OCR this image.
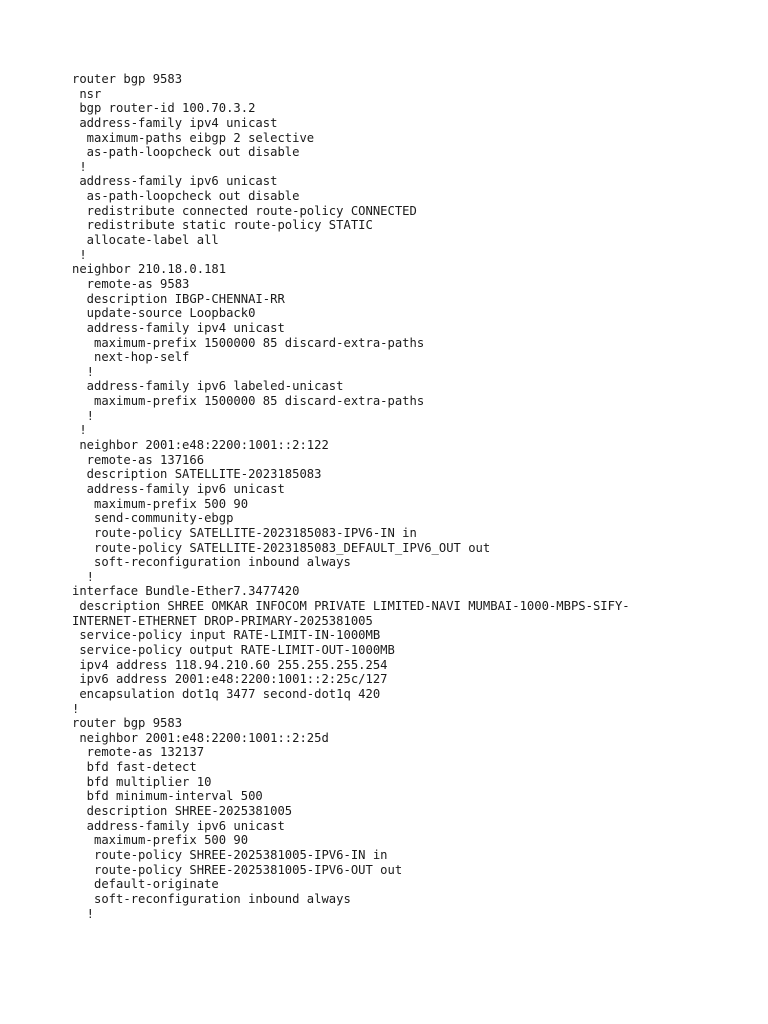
router bgp 9583
nsr
bgp router-id 100.70.3.2
address-family ipv4 unicast
maximum-paths eibgp 2 selective
as-path-loopcheck out disable
!
address-family ipv6 unicast
as-path-loopcheck out disable
redistribute connected route-policy CONNECTED
redistribute static route-policy STATIC
allocate-label all
!
neighbor 210.18.0.181
remote-as 9583
description IBGP-CHENNAI-RR
update-source Loopback0
address-family ipv4 unicast
maximum-prefix 1500000 85 discard-extra-paths
next-hop-self
!
address-family ipv6 labeled-unicast
maximum-prefix 1500000 85 discard-extra-paths
!
!
neighbor 2001:e48:2200:1001::2:122
remote-as 137166
description SATELLITE-2023185083
address-family ipv6 unicast
maximum-prefix 500 90
send-community-ebgp
route-policy SATELLITE-2023185083-IPV6-IN in
route-policy SATELLITE-2023185083_DEFAULT_IPV6_OUT out
soft-reconfiguration inbound always
!
interface Bundle-Ether7.3477420
description SHREE OMKAR INFOCOM PRIVATE LIMITED-NAVI MUMBAI-1000-MBPS-SIFY-
INTERNET-ETHERNET DROP-PRIMARY-2025381005
service-policy input RATE-LIMIT-IN-1000MB
service-policy output RATE-LIMIT-OUT-1000MB
ipv4 address 118.94.210.60 255.255.255.254
ipv6 address 2001:e48:2200:1001::2:25c/127
encapsulation dot1q 3477 second-dot1q 420
!
router bgp 9583
neighbor 2001:e48:2200:1001::2:25d
remote-as 132137
bfd fast-detect
bfd multiplier 10
bfd minimum-interval 500
description SHREE-2025381005
address-family ipv6 unicast
maximum-prefix 500 90
route-policy SHREE-2025381005-IPV6-IN in
route-policy SHREE-2025381005-IPV6-OUT out
default-originate
soft-reconfiguration inbound always
!
